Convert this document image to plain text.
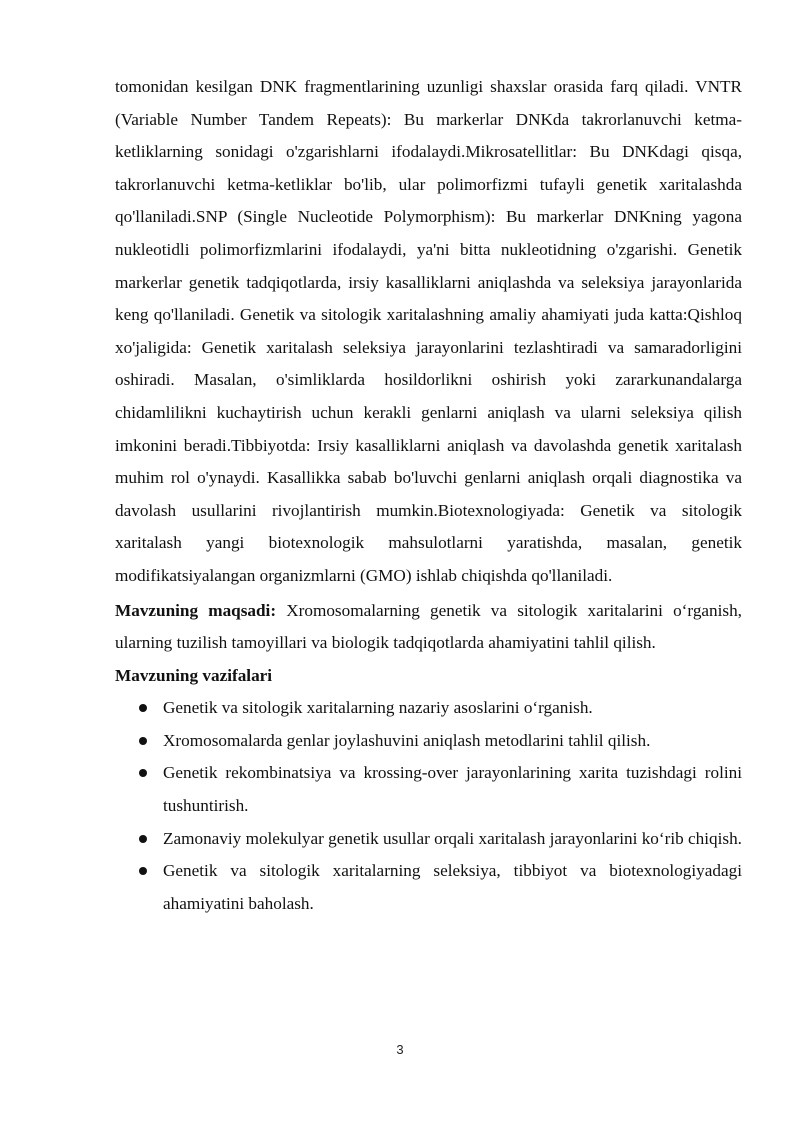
tomonidan kesilgan DNK fragmentlarining uzunligi shaxslar orasida farq qiladi. VNTR (Variable Number Tandem Repeats): Bu markerlar DNKda takrorlanuvchi ketma-ketliklarning sonidagi o'zgarishlarni ifodalaydi.Mikrosatellitlar: Bu DNKdagi qisqa, takrorlanuvchi ketma-ketliklar bo'lib, ular polimorfizmi tufayli genetik xaritalashda qo'llaniladi.SNP (Single Nucleotide Polymorphism): Bu markerlar DNKning yagona nukleotidli polimorfizmlarini ifodalaydi, ya'ni bitta nukleotidning o'zgarishi. Genetik markerlar genetik tadqiqotlarda, irsiy kasalliklarni aniqlashda va seleksiya jarayonlarida keng qo'llaniladi. Genetik va sitologik xaritalashning amaliy ahamiyati juda katta:Qishloq xo'jaligida: Genetik xaritalash seleksiya jarayonlarini tezlashtiradi va samaradorligini oshiradi. Masalan, o'simliklarda hosildorlikni oshirish yoki zararkunandalarga chidamlilikni kuchaytirish uchun kerakli genlarni aniqlash va ularni seleksiya qilish imkonini beradi.Tibbiyotda: Irsiy kasalliklarni aniqlash va davolashda genetik xaritalash muhim rol o'ynaydi. Kasallikka sabab bo'luvchi genlarni aniqlash orqali diagnostika va davolash usullarini rivojlantirish mumkin.Biotexnologiyada: Genetik va sitologik xaritalash yangi biotexnologik mahsulotlarni yaratishda, masalan, genetik modifikatsiyalangan organizmlarni (GMO) ishlab chiqishda qo'llaniladi.

Mavzuning maqsadi: Xromosomalarning genetik va sitologik xaritalarini o‘rganish, ularning tuzilish tamoyillari va biologik tadqiqotlarda ahamiyatini tahlil qilish.

Mavzuning vazifalari

Genetik va sitologik xaritalarning nazariy asoslarini o‘rganish.
Xromosomalarda genlar joylashuvini aniqlash metodlarini tahlil qilish.
Genetik rekombinatsiya va krossing-over jarayonlarining xarita tuzishdagi rolini tushuntirish.
Zamonaviy molekulyar genetik usullar orqali xaritalash jarayonlarini ko‘rib chiqish.
Genetik va sitologik xaritalarning seleksiya, tibbiyot va biotexnologiyadagi ahamiyatini baholash.
3
